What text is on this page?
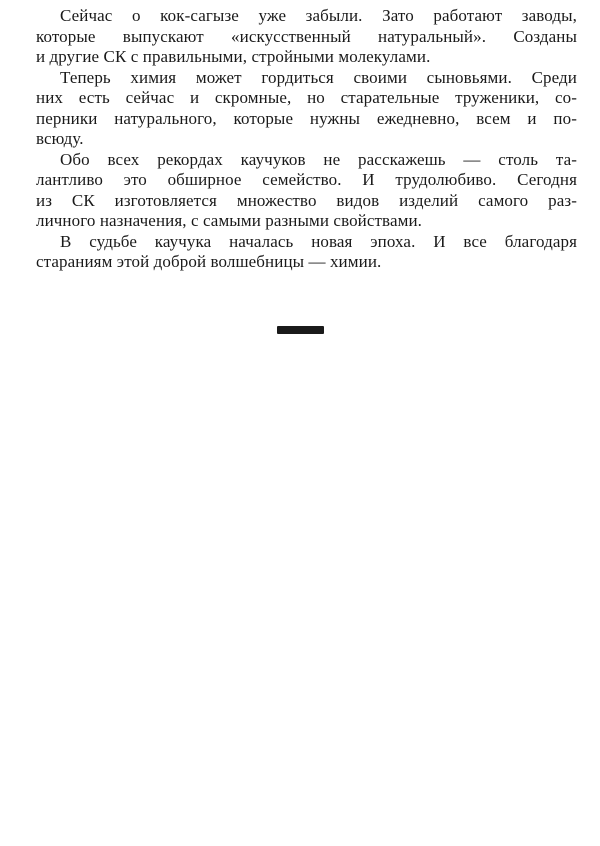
Сейчас о кок-сагызе уже забыли. Зато работают заводы,
которые выпускают «искусственный натуральный». Созданы
и другие СК с правильными, стройными молекулами.

Теперь химия может гордиться своими сыновьями. Среди
них есть сейчас и скромные, но старательные труженики, со-
перники натурального, которые нужны ежедневно, всем и по-
всюду.

Обо всех рекордах каучуков не расскажешь — столь та-
лантливо это обширное семейство. И трудолюбиво. Сегодня
из СК изготовляется множество видов изделий самого раз-
личного назначения, с самыми разными свойствами.

В судьбе каучука началась новая эпоха. И все благодаря
стараниям этой доброй волшебницы — химии.
